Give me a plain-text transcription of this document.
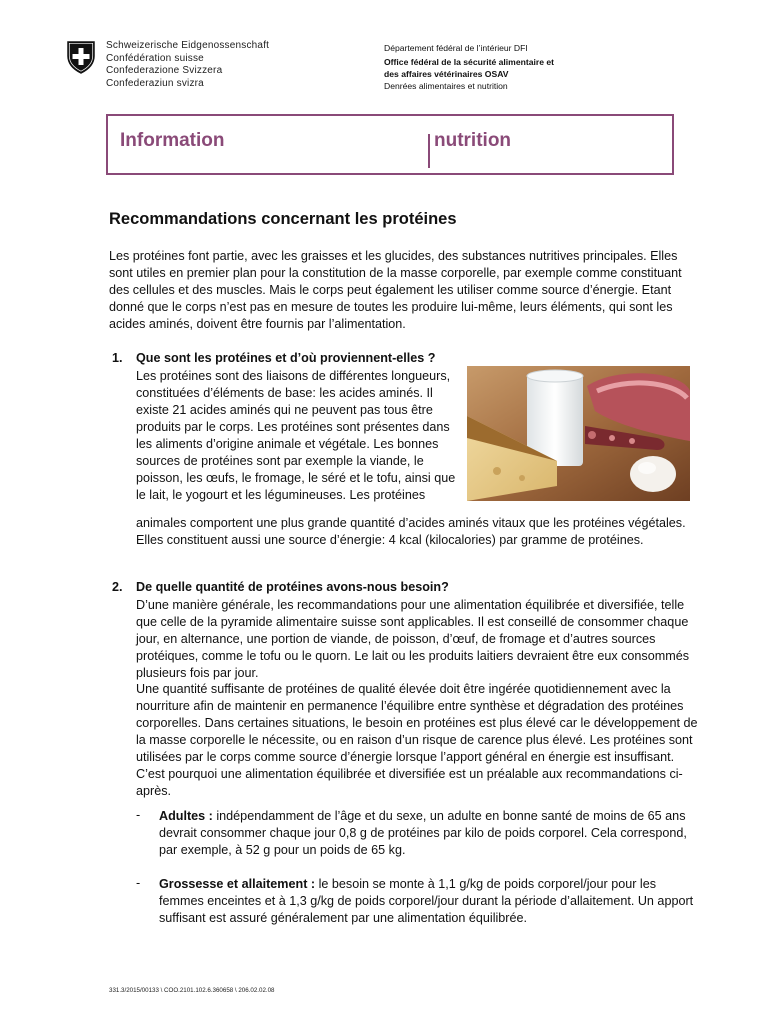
Schweizerische Eidgenossenschaft
Confédération suisse
Confederazione Svizzera
Confederaziun svizra
Département fédéral de l’intérieur DFI
Office fédéral de la sécurité alimentaire et
des affaires vétérinaires OSAV
Denrées alimentaires et nutrition
Information	nutrition
Recommandations concernant les protéines
Les protéines font partie, avec les graisses et les glucides, des substances nutritives principales. Elles sont utiles en premier plan pour la constitution de la masse corporelle, par exemple comme constituant des cellules et des muscles. Mais le corps peut également les utiliser comme source d’énergie. Etant donné que le corps n’est pas en mesure de toutes les produire lui-même, leurs éléments, qui sont les acides aminés, doivent être fournis par l’alimentation.
1. Que sont les protéines et d’où proviennent-elles ?
Les protéines sont des liaisons de différentes longueurs, constituées d’éléments de base: les acides aminés. Il existe 21 acides aminés qui ne peuvent pas tous être produits par le corps. Les protéines sont présentes dans les aliments d’origine animale et végétale. Les bonnes sources de protéines sont par exemple la viande, le poisson, les œufs, le fromage, le séré et le tofu, ainsi que le lait, le yogourt et les légumineuses. Les protéines
animales comportent une plus grande quantité d’acides aminés vitaux que les protéines végétales. Elles constituent aussi une source d’énergie: 4 kcal (kilocalories) par gramme de protéines.
2. De quelle quantité de protéines avons-nous besoin?
D’une manière générale, les recommandations pour une alimentation équilibrée et diversifiée, telle que celle de la pyramide alimentaire suisse sont applicables. Il est conseillé de consommer chaque jour, en alternance, une portion de viande, de poisson, d’œuf, de fromage et d’autres sources protéiques, comme le tofu ou le quorn. Le lait ou les produits laitiers devraient être eux consommés plusieurs fois par jour.
Une quantité suffisante de protéines de qualité élevée doit être ingérée quotidiennement avec la nourriture afin de maintenir en permanence l’équilibre entre synthèse et dégradation des protéines corporelles. Dans certaines situations, le besoin en protéines est plus élevé car le développement de la masse corporelle le nécessite, ou en raison d’un risque de carence plus élevé. Les protéines sont utilisées par le corps comme source d’énergie lorsque l’apport général en énergie est insuffisant. C’est pourquoi une alimentation équilibrée et diversifiée est un préalable aux recommandations ci-après.
- Adultes : indépendamment de l’âge et du sexe, un adulte en bonne santé de moins de 65 ans devrait consommer chaque jour 0,8 g de protéines par kilo de poids corporel. Cela correspond, par exemple, à 52 g pour un poids de 65 kg.
- Grossesse et allaitement : le besoin se monte à 1,1 g/kg de poids corporel/jour pour les femmes enceintes et à 1,3 g/kg de poids corporel/jour durant la période d’allaitement. Un apport suffisant est assuré généralement par une alimentation équilibrée.
331.3/2015/00133 \ COO.2101.102.6.360658 \ 206.02.02.08
